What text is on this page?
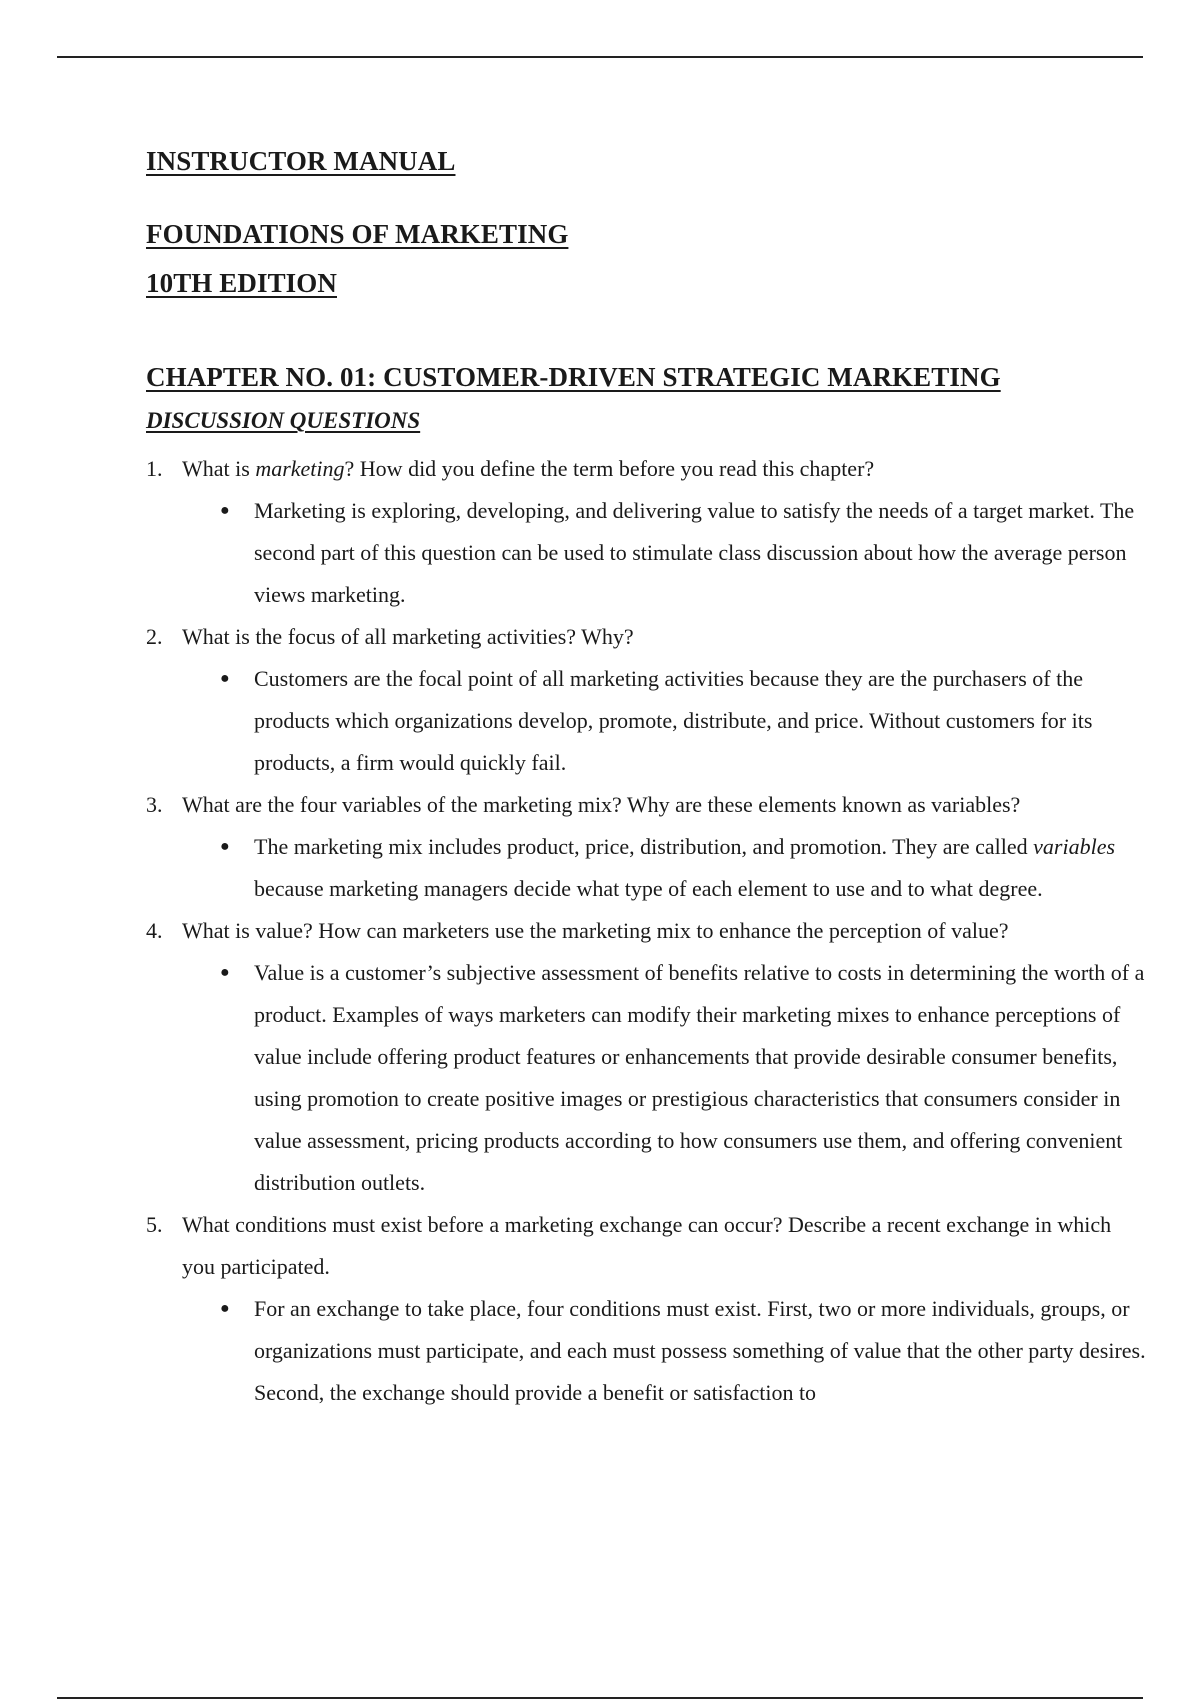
INSTRUCTOR MANUAL
FOUNDATIONS OF MARKETING
10TH EDITION
CHAPTER NO. 01: CUSTOMER-DRIVEN STRATEGIC MARKETING
DISCUSSION QUESTIONS
1. What is marketing? How did you define the term before you read this chapter?
● Marketing is exploring, developing, and delivering value to satisfy the needs of a target market. The second part of this question can be used to stimulate class discussion about how the average person views marketing.
2. What is the focus of all marketing activities? Why?
● Customers are the focal point of all marketing activities because they are the purchasers of the products which organizations develop, promote, distribute, and price. Without customers for its products, a firm would quickly fail.
3. What are the four variables of the marketing mix? Why are these elements known as variables?
● The marketing mix includes product, price, distribution, and promotion. They are called variables because marketing managers decide what type of each element to use and to what degree.
4. What is value? How can marketers use the marketing mix to enhance the perception of value?
● Value is a customer’s subjective assessment of benefits relative to costs in determining the worth of a product. Examples of ways marketers can modify their marketing mixes to enhance perceptions of value include offering product features or enhancements that provide desirable consumer benefits, using promotion to create positive images or prestigious characteristics that consumers consider in value assessment, pricing products according to how consumers use them, and offering convenient distribution outlets.
5. What conditions must exist before a marketing exchange can occur? Describe a recent exchange in which you participated.
● For an exchange to take place, four conditions must exist. First, two or more individuals, groups, or organizations must participate, and each must possess something of value that the other party desires. Second, the exchange should provide a benefit or satisfaction to
